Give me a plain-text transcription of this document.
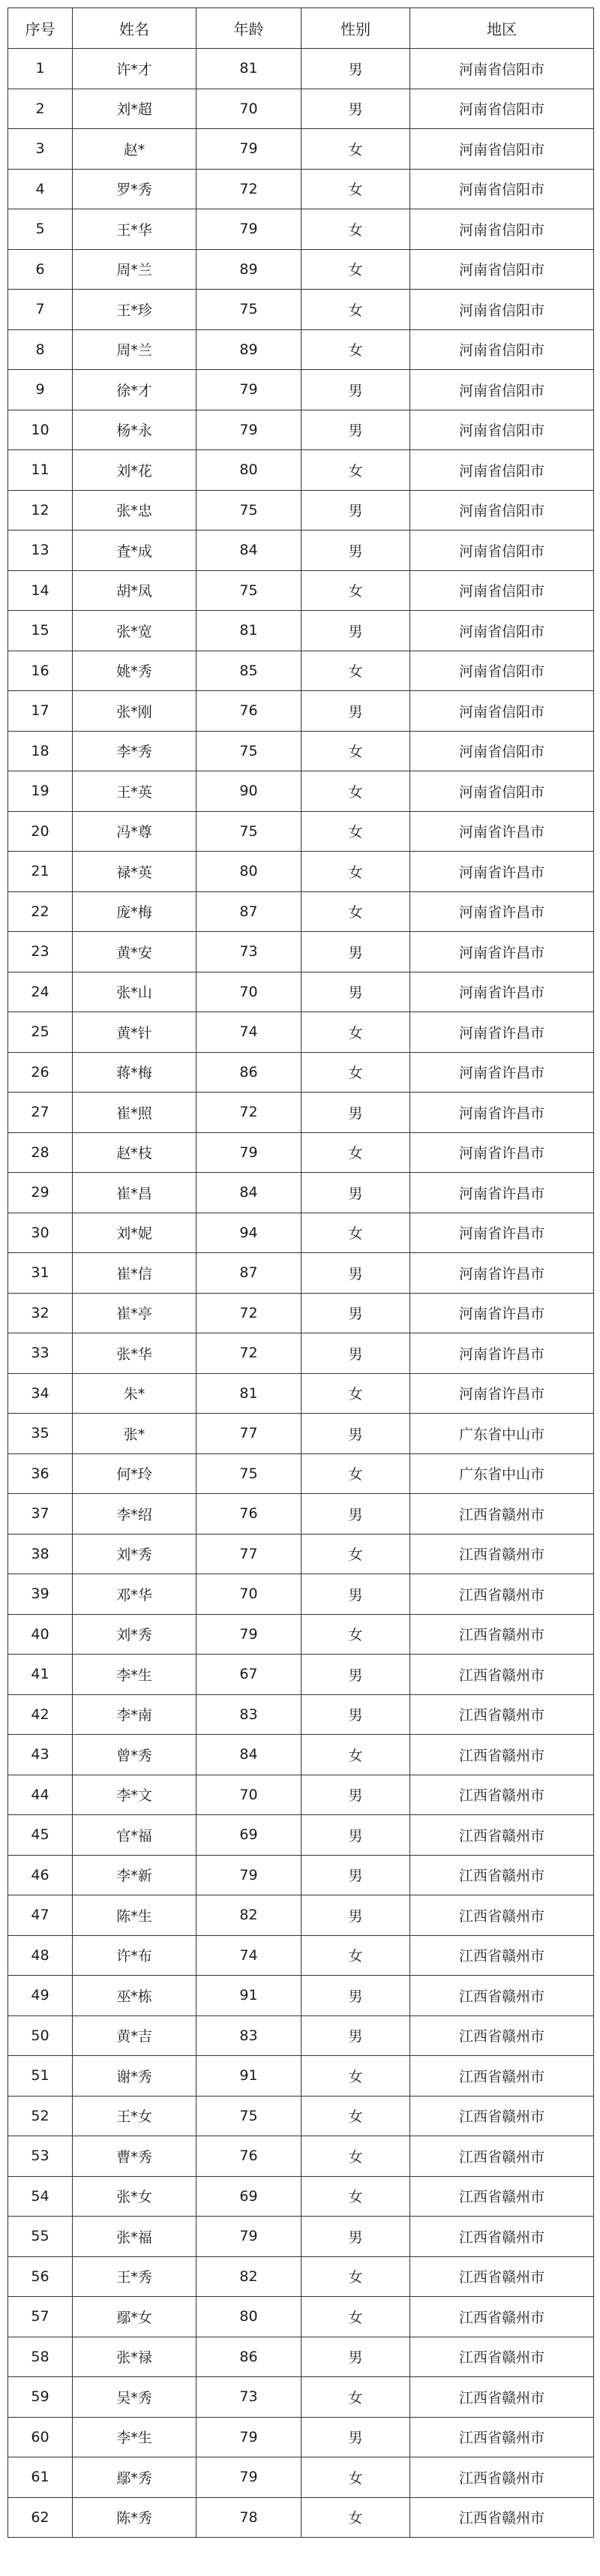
序号	姓名	年龄	性别	地区
1	许*才	81	男	河南省信阳市
2	刘*超	70	男	河南省信阳市
3	赵*	79	女	河南省信阳市
4	罗*秀	72	女	河南省信阳市
5	王*华	79	女	河南省信阳市
6	周*兰	89	女	河南省信阳市
7	王*珍	75	女	河南省信阳市
8	周*兰	89	女	河南省信阳市
9	徐*才	79	男	河南省信阳市
10	杨*永	79	男	河南省信阳市
11	刘*花	80	女	河南省信阳市
12	张*忠	75	男	河南省信阳市
13	査*成	84	男	河南省信阳市
14	胡*凤	75	女	河南省信阳市
15	张*宽	81	男	河南省信阳市
16	姚*秀	85	女	河南省信阳市
17	张*刚	76	男	河南省信阳市
18	李*秀	75	女	河南省信阳市
19	王*英	90	女	河南省信阳市
20	冯*尊	75	女	河南省许昌市
21	禄*英	80	女	河南省许昌市
22	庞*梅	87	女	河南省许昌市
23	黄*安	73	男	河南省许昌市
24	张*山	70	男	河南省许昌市
25	黄*针	74	女	河南省许昌市
26	蒋*梅	86	女	河南省许昌市
27	崔*照	72	男	河南省许昌市
28	赵*枝	79	女	河南省许昌市
29	崔*昌	84	男	河南省许昌市
30	刘*妮	94	女	河南省许昌市
31	崔*信	87	男	河南省许昌市
32	崔*亭	72	男	河南省许昌市
33	张*华	72	男	河南省许昌市
34	朱*	81	女	河南省许昌市
35	张*	77	男	广东省中山市
36	何*玲	75	女	广东省中山市
37	李*绍	76	男	江西省赣州市
38	刘*秀	77	女	江西省赣州市
39	邓*华	70	男	江西省赣州市
40	刘*秀	79	女	江西省赣州市
41	李*生	67	男	江西省赣州市
42	李*南	83	男	江西省赣州市
43	曾*秀	84	女	江西省赣州市
44	李*文	70	男	江西省赣州市
45	官*福	69	男	江西省赣州市
46	李*新	79	男	江西省赣州市
47	陈*生	82	男	江西省赣州市
48	许*布	74	女	江西省赣州市
49	巫*栋	91	男	江西省赣州市
50	黄*吉	83	男	江西省赣州市
51	谢*秀	91	女	江西省赣州市
52	王*女	75	女	江西省赣州市
53	曹*秀	76	女	江西省赣州市
54	张*女	69	女	江西省赣州市
55	张*福	79	男	江西省赣州市
56	王*秀	82	女	江西省赣州市
57	鄢*女	80	女	江西省赣州市
58	张*禄	86	男	江西省赣州市
59	吴*秀	73	女	江西省赣州市
60	李*生	79	男	江西省赣州市
61	鄢*秀	79	女	江西省赣州市
62	陈*秀	78	女	江西省赣州市
